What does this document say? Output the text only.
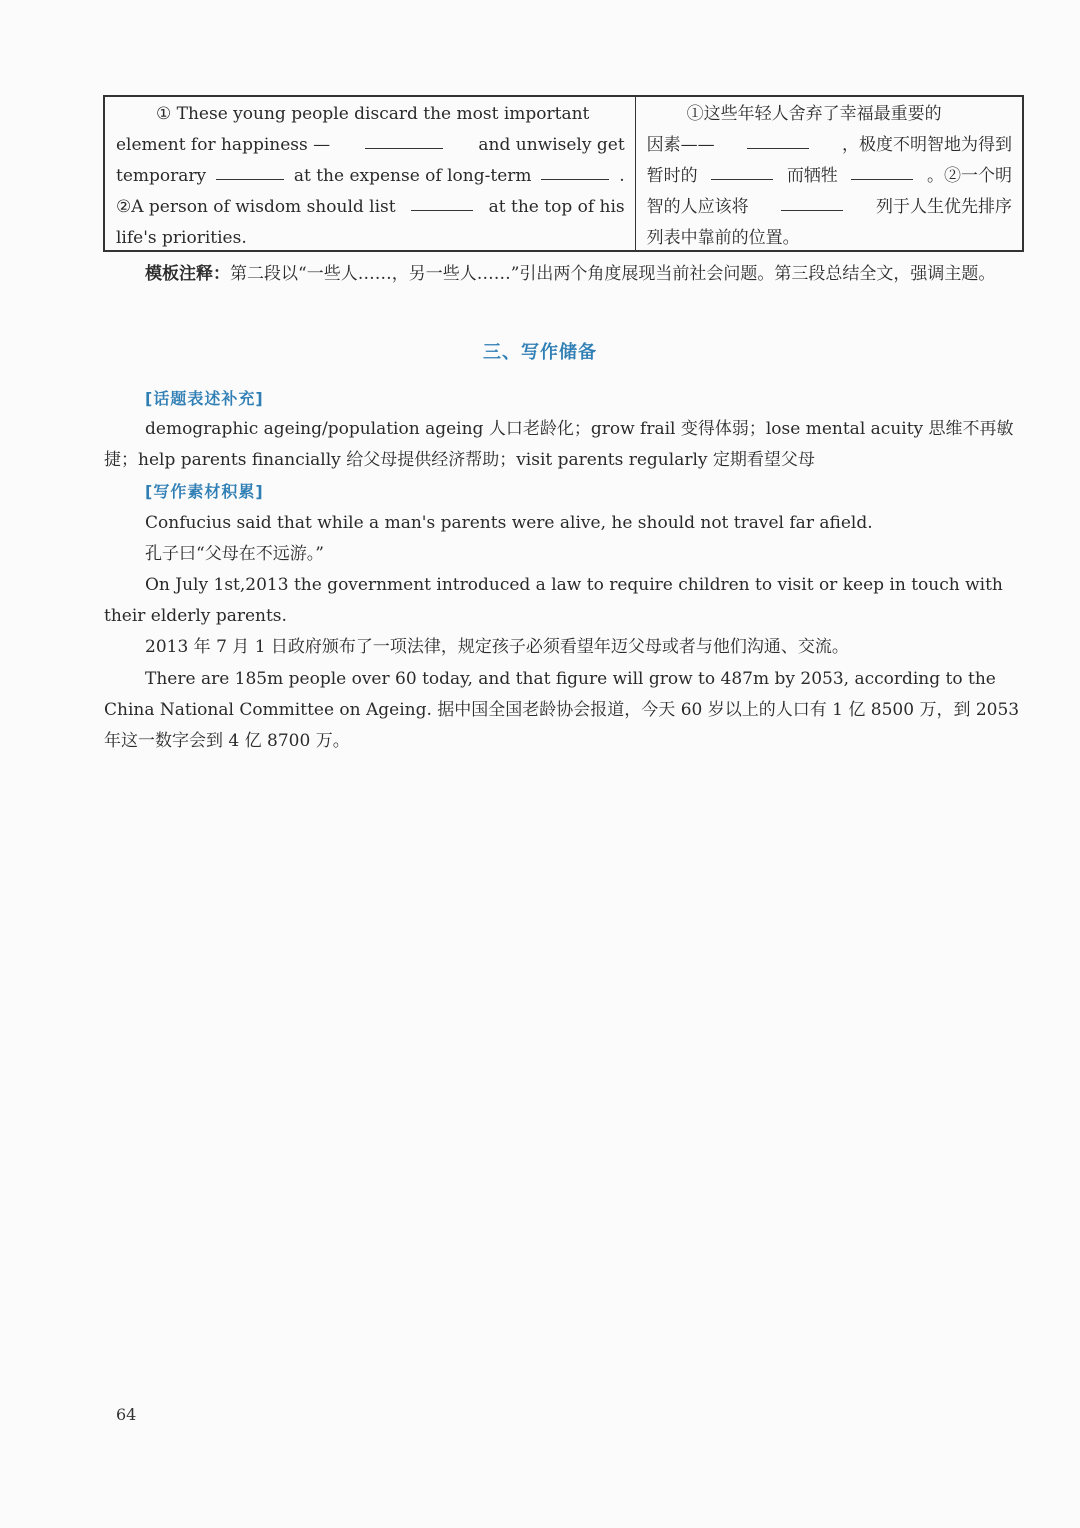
① These young people discard the most important
element for happiness —	and unwisely get
temporary	at the expense of long-term	.
②A person of wisdom should list	at the top of his
life's priorities.
①这些年轻人舍弃了幸福最重要的
因素——	，极度不明智地为得到
暂时的	而牺牲	。②一个明
智的人应该将	列于人生优先排序
列表中靠前的位置。
模板注释：第二段以“一些人……，另一些人……”引出两个角度展现当前社会问题。第三段总结全文，强调主题。
三、写作储备
[话题表述补充]
demographic ageing/population ageing 人口老龄化；grow frail 变得体弱；lose mental acuity 思维不再敏捷；help parents financially 给父母提供经济帮助；visit parents regularly 定期看望父母
[写作素材积累]
Confucius said that while a man's parents were alive, he should not travel far afield.
孔子曰“父母在不远游。”
On July 1st,2013 the government introduced a law to require children to visit or keep in touch with their elderly parents.
2013 年 7 月 1 日政府颁布了一项法律，规定孩子必须看望年迈父母或者与他们沟通、交流。
There are 185m people over 60 today, and that figure will grow to 487m by 2053, according to the China National Committee on Ageing. 据中国全国老龄协会报道，今天 60 岁以上的人口有 1 亿 8500 万，到 2053 年这一数字会到 4 亿 8700 万。
64
